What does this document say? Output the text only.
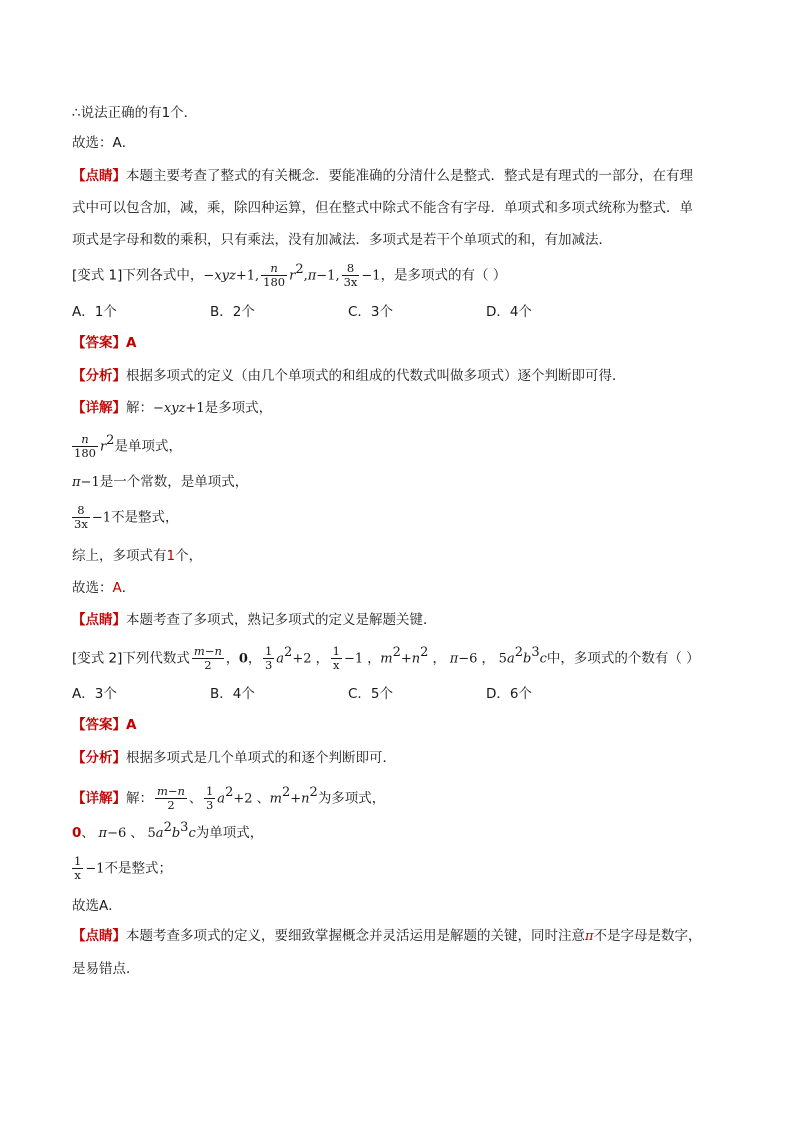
∴说法正确的有1个．
故选：A．
【点睛】本题主要考查了整式的有关概念．要能准确的分清什么是整式．整式是有理式的一部分，在有理
式中可以包含加，减，乘，除四种运算，但在整式中除式不能含有字母．单项式和多项式统称为整式．单
项式是字母和数的乘积，只有乘法，没有加减法．多项式是若干个单项式的和，有加减法．
[变式 1]下列各式中，−xyz+1, $\frac{n}{180} r^2,\pi-1$, $\frac{8}{3x} -1$，是多项式的有（ ）
A．1个	B．2个	C．3个	D．4个
【答案】A
【分析】根据多项式的定义（由几个单项式的和组成的代数式叫做多项式）逐个判断即可得．
【详解】解：−xyz+1是多项式，
$\frac{n}{180} r^2$是单项式，
π−1是一个常数，是单项式，
$\frac{8}{3x} -1$不是整式，
综上，多项式有1个，
故选：A．
【点睛】本题考查了多项式，熟记多项式的定义是解题关键．
[变式 2]下列代数式 $\frac{m-n}{2}$ ，0， $\frac{1}{3} a^2+2$ ， $\frac{1}{x} -1$ ，$m^2+n^2$ ， π−6 ， $5a^2b^3c$中，多项式的个数有（ ）
A．3个	B．4个	C．5个	D．6个
【答案】A
【分析】根据多项式是几个单项式的和逐个判断即可．
【详解】解： $\frac{m-n}{2}$ 、 $\frac{1}{3} a^2+2$ 、$m^2+n^2$为多项式，
0、 π−6 、 $5a^2b^3c$为单项式，
$\frac{1}{x} -1$不是整式；
故选A．
【点睛】本题考查多项式的定义，要细致掌握概念并灵活运用是解题的关键，同时注意π不是字母是数字，
是易错点．
